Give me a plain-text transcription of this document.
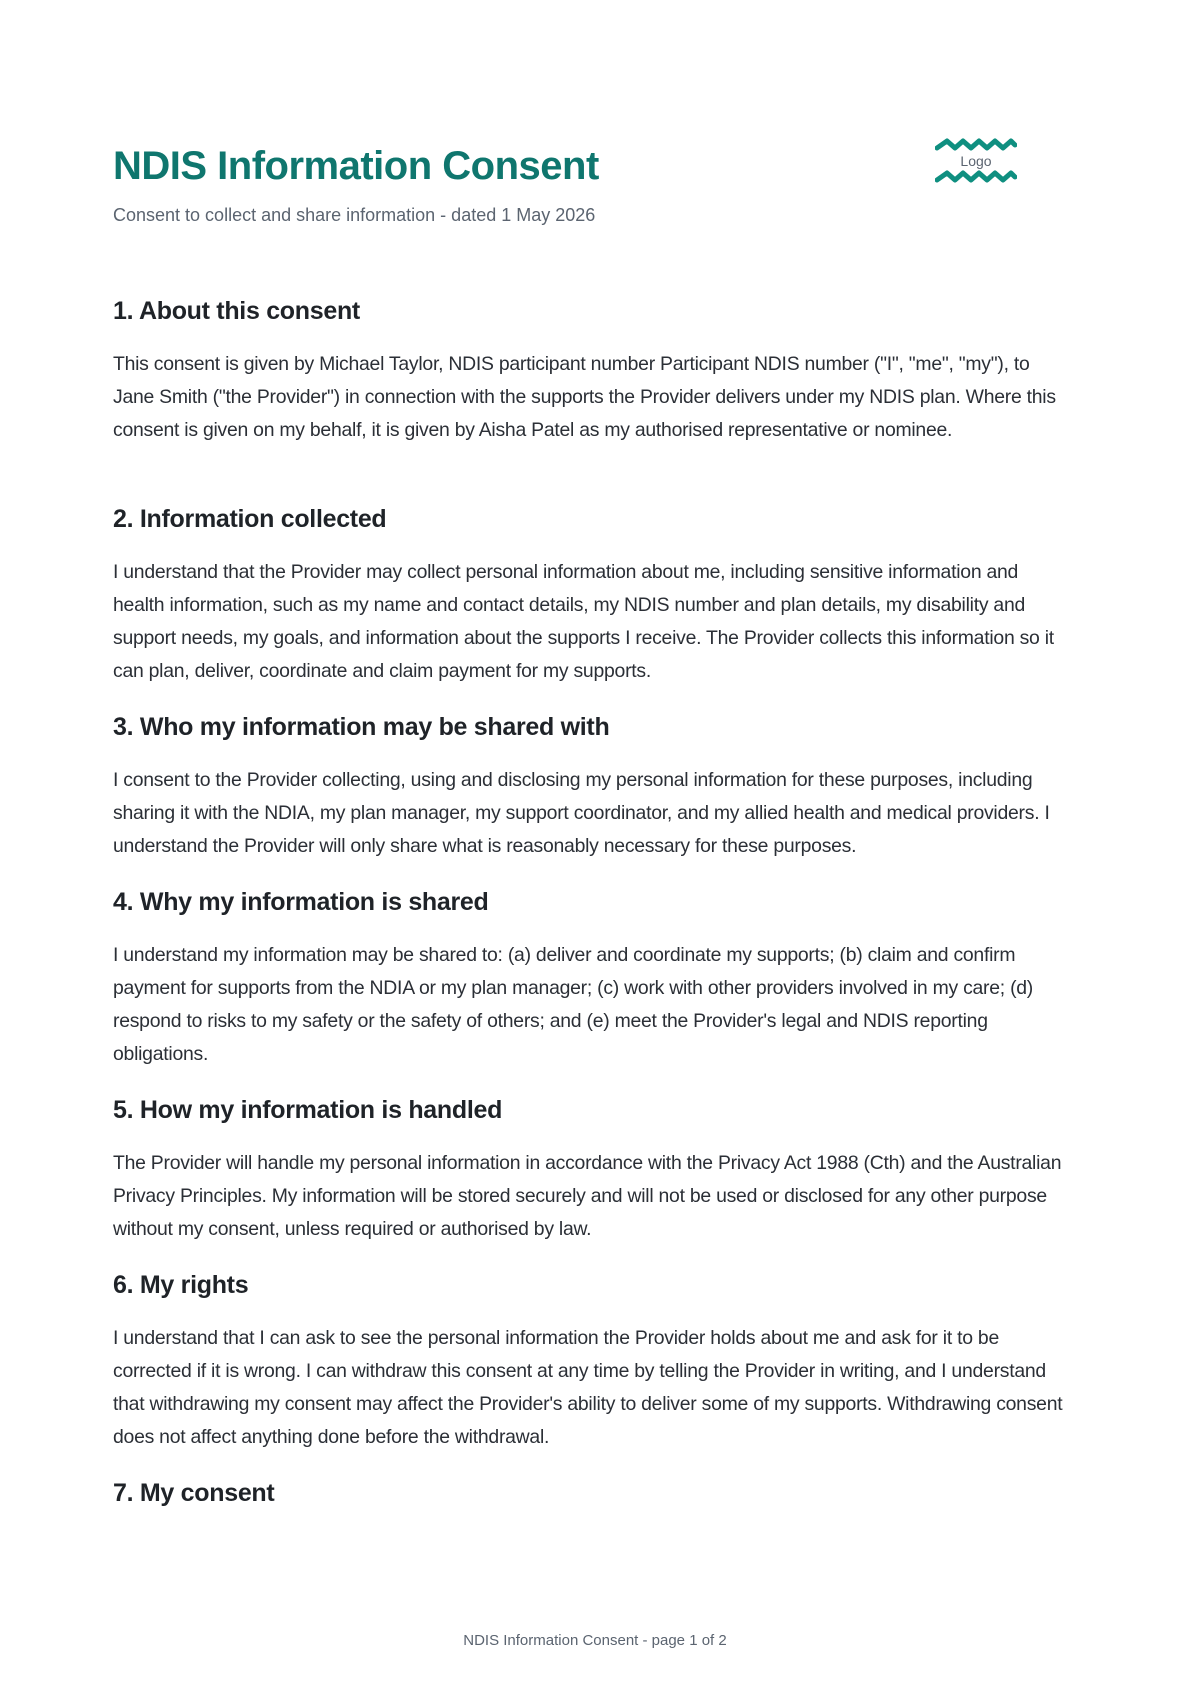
NDIS Information Consent

Consent to collect and share information - dated 1 May 2026

Logo
1. About this consent

This consent is given by Michael Taylor, NDIS participant number Participant NDIS number ("I", "me", "my"), to Jane Smith ("the Provider") in connection with the supports the Provider delivers under my NDIS plan. Where this consent is given on my behalf, it is given by Aisha Patel as my authorised representative or nominee.

2. Information collected

I understand that the Provider may collect personal information about me, including sensitive information and health information, such as my name and contact details, my NDIS number and plan details, my disability and support needs, my goals, and information about the supports I receive. The Provider collects this information so it can plan, deliver, coordinate and claim payment for my supports.

3. Who my information may be shared with

I consent to the Provider collecting, using and disclosing my personal information for these purposes, including sharing it with the NDIA, my plan manager, my support coordinator, and my allied health and medical providers. I understand the Provider will only share what is reasonably necessary for these purposes.

4. Why my information is shared

I understand my information may be shared to: (a) deliver and coordinate my supports; (b) claim and confirm payment for supports from the NDIA or my plan manager; (c) work with other providers involved in my care; (d) respond to risks to my safety or the safety of others; and (e) meet the Provider's legal and NDIS reporting obligations.

5. How my information is handled

The Provider will handle my personal information in accordance with the Privacy Act 1988 (Cth) and the Australian Privacy Principles. My information will be stored securely and will not be used or disclosed for any other purpose without my consent, unless required or authorised by law.

6. My rights

I understand that I can ask to see the personal information the Provider holds about me and ask for it to be corrected if it is wrong. I can withdraw this consent at any time by telling the Provider in writing, and I understand that withdrawing my consent may affect the Provider's ability to deliver some of my supports. Withdrawing consent does not affect anything done before the withdrawal.

7. My consent
NDIS Information Consent - page 1 of 2
